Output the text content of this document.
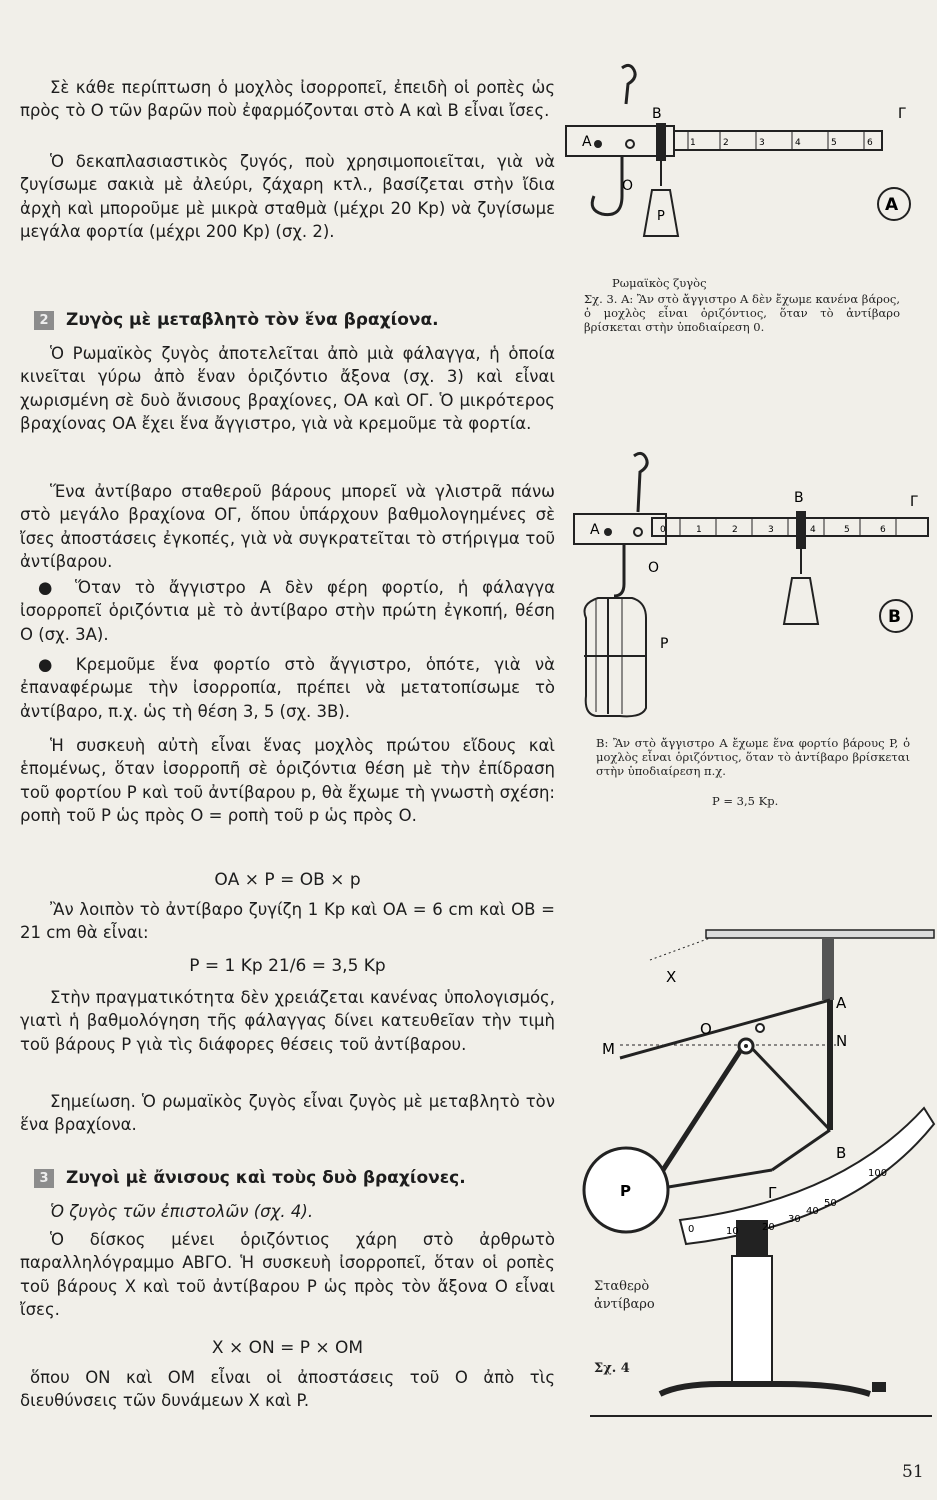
Σὲ κάθε περίπτωση ὁ μοχλὸς ἰσορροπεῖ, ἐπειδὴ οἱ ροπὲς ὡς πρὸς τὸ Ο τῶν βαρῶν ποὺ ἐφαρμόζονται στὸ Α καὶ Β εἶναι ἴσες.
Ὁ δεκαπλασιαστικὸς ζυγός, ποὺ χρησιμοποιεῖται, γιὰ νὰ ζυγίσωμε σακιὰ μὲ ἀλεύρι, ζάχαρη κτλ., βασίζεται στὴν ἴδια ἀρχὴ καὶ μποροῦμε μὲ μικρὰ σταθμὰ (μέχρι 20 Kp) νὰ ζυγίσωμε μεγάλα φορτία (μέχρι 200 Kp) (σχ. 2).
2	Ζυγὸς μὲ μεταβλητὸ τὸν ἕνα βραχίονα.
Ὁ Ρωμαϊκὸς ζυγὸς ἀποτελεῖται ἀπὸ μιὰ φάλαγγα, ἡ ὁποία κινεῖται γύρω ἀπὸ ἕναν ὁριζόντιο ἄξονα (σχ. 3) καὶ εἶναι χωρισμένη σὲ δυὸ ἄνισους βραχίονες, ΟΑ καὶ ΟΓ. Ὁ μικρότερος βραχίονας ΟΑ ἔχει ἕνα ἄγγιστρο, γιὰ νὰ κρεμοῦμε τὰ φορτία.
Ἕνα ἀντίβαρο σταθεροῦ βάρους μπορεῖ νὰ γλιστρᾶ πάνω στὸ μεγάλο βραχίονα ΟΓ, ὅπου ὑπάρχουν βαθμολογημένες σὲ ἴσες ἀποστάσεις ἐγκοπές, γιὰ νὰ συγκρατεῖται τὸ στήριγμα τοῦ ἀντίβαρου.
● Ὅταν τὸ ἄγγιστρο Α δὲν φέρη φορτίο, ἡ φάλαγγα ἰσορροπεῖ ὁριζόντια μὲ τὸ ἀντίβαρο στὴν πρώτη ἐγκοπή, θέση Ο (σχ. 3Α).
● Κρεμοῦμε ἕνα φορτίο στὸ ἄγγιστρο, ὁπότε, γιὰ νὰ ἐπαναφέρωμε τὴν ἰσορροπία, πρέπει νὰ μετατοπίσωμε τὸ ἀντίβαρο, π.χ. ὡς τὴ θέση 3, 5 (σχ. 3Β).
Ἡ συσκευὴ αὐτὴ εἶναι ἕνας μοχλὸς πρώτου εἴδους καὶ ἑπομένως, ὅταν ἰσορροπῆ σὲ ὁριζόντια θέση μὲ τὴν ἐπίδραση τοῦ φορτίου P καὶ τοῦ ἀντίβαρου p, θὰ ἔχωμε τὴ γνωστὴ σχέση: ροπὴ τοῦ P ὡς πρὸς Ο = ροπὴ τοῦ p ὡς πρὸς Ο.
ΟΑ × P = ΟΒ × p
Ἂν λοιπὸν τὸ ἀντίβαρο ζυγίζη 1 Kp καὶ ΟΑ = 6 cm καὶ ΟΒ = 21 cm θὰ εἶναι:
P = 1 Kp 21/6 = 3,5 Kp
Στὴν πραγματικότητα δὲν χρειάζεται κανένας ὑπολογισμός, γιατὶ ἡ βαθμολόγηση τῆς φάλαγγας δίνει κατευθεῖαν τὴν τιμὴ τοῦ βάρους P γιὰ τὶς διάφορες θέσεις τοῦ ἀντίβαρου.
Σημείωση. Ὁ ρωμαϊκὸς ζυγὸς εἶναι ζυγὸς μὲ μεταβλητὸ τὸν ἕνα βραχίονα.
3	Ζυγοὶ μὲ ἄνισους καὶ τοὺς δυὸ βραχίονες.
Ὁ ζυγὸς τῶν ἐπιστολῶν (σχ. 4).
Ὁ δίσκος μένει ὁριζόντιος χάρη στὸ ἀρθρωτὸ παραλληλόγραμμο ΑΒΓΟ. Ἡ συσκευὴ ἰσορροπεῖ, ὅταν οἱ ροπὲς τοῦ βάρους Χ καὶ τοῦ ἀντίβαρου P ὡς πρὸς τὸν ἄξονα Ο εἶναι ἴσες.
Χ × ΟΝ = P × ΟΜ
ὅπου ΟΝ καὶ ΟΜ εἶναι οἱ ἀποστάσεις τοῦ Ο ἀπὸ τὶς διευθύνσεις τῶν δυνάμεων Χ καὶ P.
Α
Β	Γ
Ο
P
A
1	2	3	4	5	6
Ρωμαϊκὸς ζυγὸς
Σχ. 3. Α: Ἂν στὸ ἄγγιστρο Α δὲν ἔχωμε κανένα βάρος, ὁ μοχλὸς εἶναι ὁριζόντιος, ὅταν τὸ ἀντίβαρο βρίσκεται στὴν ὑποδιαίρεση 0.
Α
Β	Γ
Ο
P
B
0	1	2	3	4	5	6
Β: Ἂν στὸ ἄγγιστρο Α ἔχωμε ἕνα φορτίο βάρους P, ὁ μοχλὸς εἶναι ὁριζόντιος, ὅταν τὸ ἀντίβαρο βρίσκεται στὴν ὑποδιαίρεση π.χ.
P = 3,5 Kp.
Χ
Α
Ο
N
M
Β
Γ
P
0	10 20
30
40
50
100
Σταθερὸ ἀντίβαρο
Σχ. 4
51
